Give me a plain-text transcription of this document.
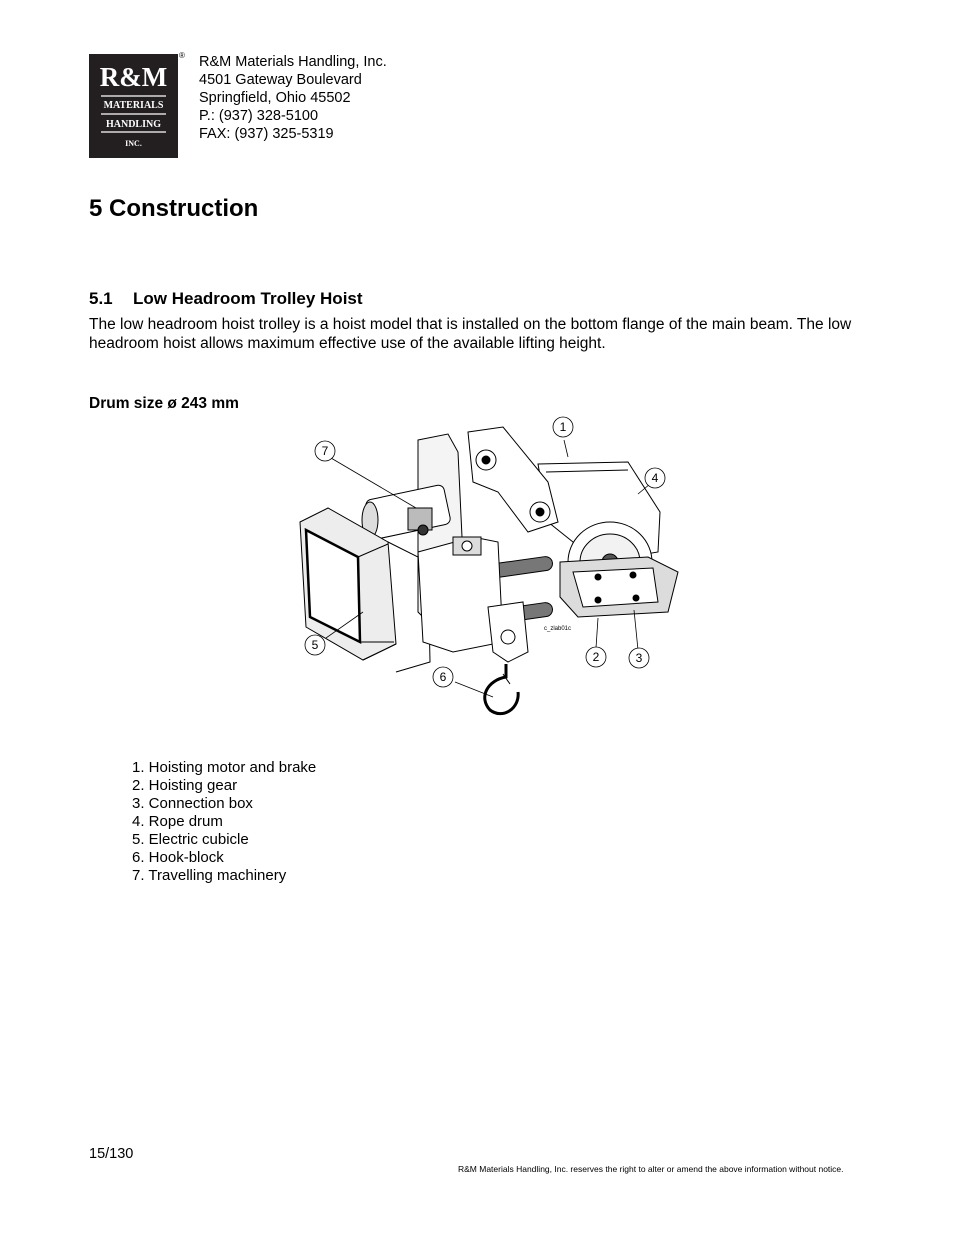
R&M
MATERIALS
HANDLING
INC.
® R&M Materials Handling, Inc.
4501 Gateway Boulevard
Springfield, Ohio 45502
P.: (937) 328-5100
FAX: (937) 325-5319
5 Construction
5.1 Low Headroom Trolley Hoist

The low headroom hoist trolley is a hoist model that is installed on the bottom flange of the main beam. The low headroom hoist allows maximum effective use of the available lifting height.

Drum size ø 243 mm
c_zlab01c
1
2	3
4
5
6
7
1. Hoisting motor and brake
2. Hoisting gear
3. Connection box
4. Rope drum
5. Electric cubicle
6. Hook-block
7. Travelling machinery
15/130
R&M Materials Handling, Inc. reserves the right to alter or amend the above information without notice.
